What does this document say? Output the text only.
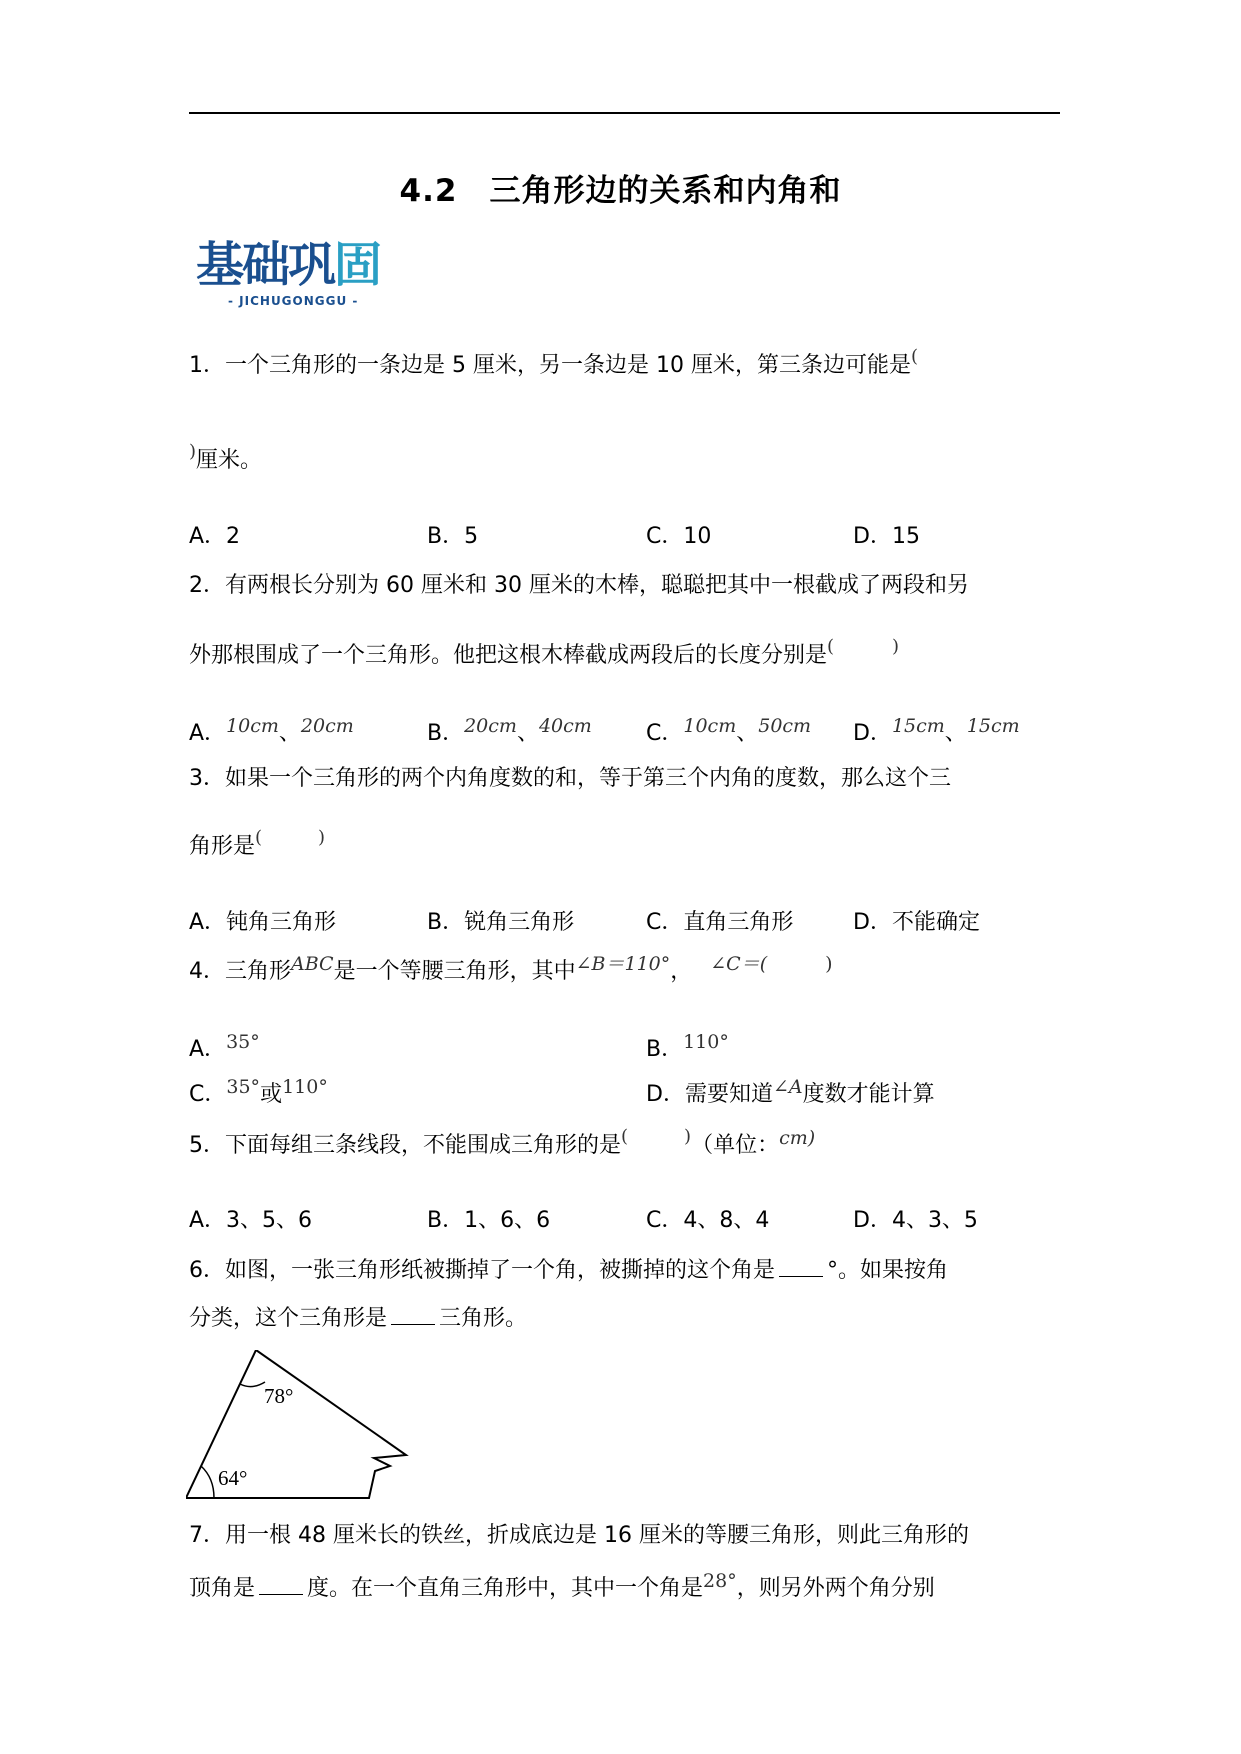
4.2　三角形边的关系和内角和
基础巩固
- JICHUGONGGU -
1．一个三角形的一条边是 5 厘米，另一条边是 10 厘米，第三条边可能是(
)厘米。
A．2	B．5	C．10	D．15
2．有两根长分别为 60 厘米和 30 厘米的木棒，聪聪把其中一根截成了两段和另
外那根围成了一个三角形。他把这根木棒截成两段后的长度分别是(	)
A．10cm、20cm	B．20cm、40cm C．10cm、50cm D．15cm、15cm
3．如果一个三角形的两个内角度数的和，等于第三个内角的度数，那么这个三
角形是(	)
A．钝角三角形	B．锐角三角形	C．直角三角形	D．不能确定
4．三角形ABC是一个等腰三角形，其中∠B＝110°， ∠C＝(	)
A．35°	B．110°
C．35°或110°	D．需要知道∠A度数才能计算
5．下面每组三条线段，不能围成三角形的是(	)（单位：cm)
A．3、5、6	B．1、6、6	C．4、8、4	D．4、3、5
6．如图，一张三角形纸被撕掉了一个角，被撕掉的这个角是 °。如果按角
分类，这个三角形是 三角形。
78°
64°
7．用一根 48 厘米长的铁丝，折成底边是 16 厘米的等腰三角形，则此三角形的
顶角是 度。在一个直角三角形中，其中一个角是28°，则另外两个角分别
